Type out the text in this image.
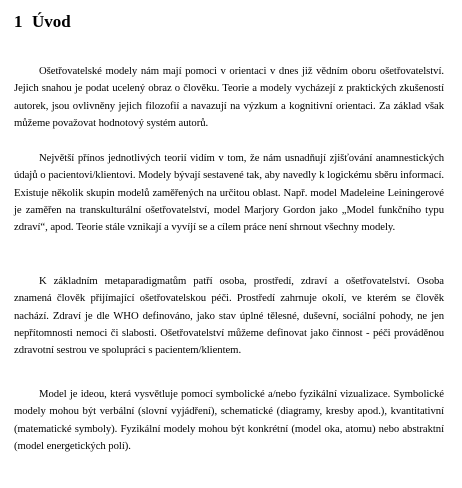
1 Úvod

Ošetřovatelské modely nám mají pomoci v orientaci v dnes již vědním oboru ošetřovatelství. Jejich snahou je podat ucelený obraz o člověku. Teorie a modely vycházejí z praktických zkušeností autorek, jsou ovlivněny jejich filozofií a navazují na výzkum a kognitivní orientaci. Za základ však můžeme považovat hodnotový systém autorů.

Největší přínos jednotlivých teorií vidím v tom, že nám usnadňují zjišťování anamnestických údajů o pacientovi/klientovi. Modely bývají sestavené tak, aby navedly k logickému sběru informací. Existuje několik skupin modelů zaměřených na určitou oblast. Např. model Madeleine Leiningerové je zaměřen na transkulturální ošetřovatelství, model Marjory Gordon jako „Model funkčního typu zdraví“, apod. Teorie stále vznikají a vyvíjí se a cílem práce není shrnout všechny modely.

K základním metaparadigmatům patří osoba, prostředí, zdraví a ošetřovatelství. Osoba znamená člověk přijímající ošetřovatelskou péči. Prostředí zahrnuje okolí, ve kterém se člověk nachází. Zdraví je dle WHO definováno, jako stav úplné tělesné, duševní, sociální pohody, ne jen nepřítomnosti nemoci či slabosti. Ošetřovatelství můžeme definovat jako činnost - péči prováděnou zdravotní sestrou ve spolupráci s pacientem/klientem.

Model je ideou, která vysvětluje pomocí symbolické a/nebo fyzikální vizualizace. Symbolické modely mohou být verbální (slovní vyjádření), schematické (diagramy, kresby apod.), kvantitativní (matematické symboly). Fyzikální modely mohou být konkrétní (model oka, atomu) nebo abstraktní (model energetických polí).
